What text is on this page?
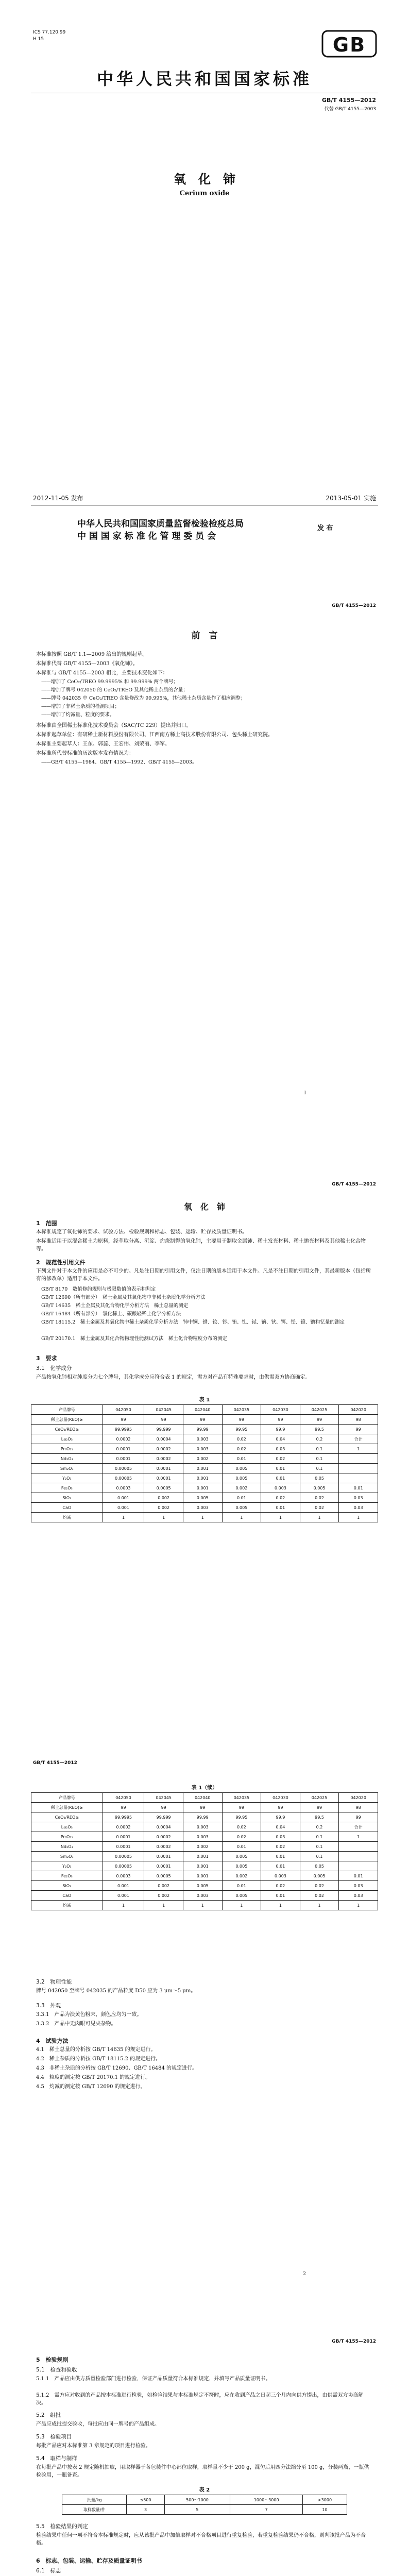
ICS 77.120.99
H 15	GB
中华人民共和国国家标准
GB/T 4155—2012
代替 GB/T 4155—2003
氧　化　铈
Cerium oxide
2012-11-05 发布	2013-05-01 实施
中华人民共和国国家质量监督检验检疫总局
中 国 国 家 标 准 化 管 理 委 员 会
发 布
GB/T 4155—2012
前　言
本标准按照 GB/T 1.1—2009 给出的规则起草。
本标准代替 GB/T 4155—2003《氧化铈》。
本标准与 GB/T 4155—2003 相比，主要技术变化如下：
——增加了 CeO₂/TREO 99.9995% 和 99.999% 两个牌号；
——增加了牌号 042050 的 CeO₂/TREO 及其他稀土杂质的含量；
——牌号 042035 中 CeO₂/TREO 含量修改为 99.995%，其他稀土杂质含量作了相应调整；
——增加了非稀土杂质的检测项目；
——增加了灼减量、粒度的要求。
本标准由全国稀土标准化技术委员会（SAC/TC 229）提出并归口。
本标准起草单位：有研稀土新材料股份有限公司、江西南方稀土高技术股份有限公司、包头稀土研究院。
本标准主要起草人：王东、郭蕊、王宏伟、刘荣丽、李军。
本标准所代替标准的历次版本发布情况为：
——GB/T 4155—1984、GB/T 4155—1992、GB/T 4155—2003。
I
GB/T 4155—2012
氧　化　铈
1　范围
本标准规定了氧化铈的要求、试验方法、检验规则和标志、包装、运输、贮存及质量证明书。
本标准适用于以混合稀土为原料，经萃取分离、沉淀、灼烧制得的氧化铈，主要用于制取金属铈、稀土发光材料、稀土抛光材料及其他稀土化合物等。
2　规范性引用文件
下列文件对于本文件的应用是必不可少的。凡是注日期的引用文件，仅注日期的版本适用于本文件。凡是不注日期的引用文件，其最新版本（包括所有的修改单）适用于本文件。
GB/T 8170　数值修约规则与极限数值的表示和判定
GB/T 12690（所有部分）　稀土金属及其氧化物中非稀土杂质化学分析方法
GB/T 14635　稀土金属及其化合物化学分析方法　稀土总量的测定
GB/T 16484（所有部分）　氯化稀土、碳酸轻稀土化学分析方法
GB/T 18115.2　稀土金属及其氧化物中稀土杂质化学分析方法　铈中镧、镨、钕、钐、铕、钆、铽、镝、钬、铒、铥、镱、镥和钇量的测定
GB/T 20170.1　稀土金属及其化合物物理性能测试方法　稀土化合物粒度分布的测定
3　要求
3.1　化学成分
产品按氧化铈相对纯度分为七个牌号，其化学成分应符合表 1 的规定，需方对产品有特殊要求时，由供需双方协商确定。
表 1
产品牌号	042050	042045	042040	042035	042030	042025	042020
稀土总量(REO)≥	99	99	99	99	99	99	98
CeO₂/REO≥	99.9995	99.999	99.99	99.95	99.9	99.5	99
La₂O₃	0.0002	0.0004	0.003	0.02	0.04	0.2	合计
Pr₆O₁₁	0.0001	0.0002	0.003	0.02	0.03	0.1	1
Nd₂O₃	0.0001	0.0002	0.002	0.01	0.02	0.1	
Sm₂O₃	0.00005	0.0001	0.001	0.005	0.01	0.1	
Y₂O₃	0.00005	0.0001	0.001	0.005	0.01	0.05	
Fe₂O₃	0.0003	0.0005	0.001	0.002	0.003	0.005	0.01
SiO₂	0.001	0.002	0.005	0.01	0.02	0.02	0.03
CaO	0.001	0.002	0.003	0.005	0.01	0.02	0.03
灼减	1	1	1	1	1	1	1
GB/T 4155—2012
表 1（续）
产品牌号	042050	042045	042040	042035	042030	042025	042020
稀土总量(REO)≥	99	99	99	99	99	99	98
CeO₂/REO≥	99.9995	99.999	99.99	99.95	99.9	99.5	99
La₂O₃	0.0002	0.0004	0.003	0.02	0.04	0.2	合计
Pr₆O₁₁	0.0001	0.0002	0.003	0.02	0.03	0.1	1
Nd₂O₃	0.0001	0.0002	0.002	0.01	0.02	0.1	
Sm₂O₃	0.00005	0.0001	0.001	0.005	0.01	0.1	
Y₂O₃	0.00005	0.0001	0.001	0.005	0.01	0.05	
Fe₂O₃	0.0003	0.0005	0.001	0.002	0.003	0.005	0.01
SiO₂	0.001	0.002	0.005	0.01	0.02	0.02	0.03
CaO	0.001	0.002	0.003	0.005	0.01	0.02	0.03
灼减	1	1	1	1	1	1	1
3.2　物理性能
牌号 042050 至牌号 042035 的产品粒度 D50 应为 3 μm～5 μm。
3.3　外观
3.3.1　产品为淡黄色粉末，颜色应均匀一致。
3.3.2　产品中无肉眼可见夹杂物。
4　试验方法
4.1　稀土总量的分析按 GB/T 14635 的规定进行。
4.2　稀土杂质的分析按 GB/T 18115.2 的规定进行。
4.3　非稀土杂质的分析按 GB/T 12690、GB/T 16484 的规定进行。
4.4　粒度的测定按 GB/T 20170.1 的规定进行。
4.5　灼减的测定按 GB/T 12690 的规定进行。
2
GB/T 4155—2012
5　检验规则
5.1　检查和验收
5.1.1　产品应由供方质量检验部门进行检验，保证产品质量符合本标准规定，并填写产品质量证明书。
5.1.2　需方应对收到的产品按本标准进行检验，如检验结果与本标准规定不符时，应在收到产品之日起三个月内向供方提出，由供需双方协商解决。
5.2　组批
产品应成批提交验收，每批应由同一牌号的产品组成。
5.3　检验项目
每批产品应对本标准第 3 章规定的项目进行检验。
5.4　取样与制样
在每批产品中按表 2 规定随机抽取，用取样器于各包装件中心部位取样，取样量不少于 200 g，混匀后用四分法缩分至 100 g，分装两瓶，一瓶供检验用，一瓶备查。
表 2
批量/kg	≤500	500～1000	1000～3000	>3000
取样数量/件	3	5	7	10
5.5　检验结果的判定
检验结果中任何一项不符合本标准规定时，应从该批产品中加倍取样对不合格项目进行重复检验，若重复检验结果仍不合格，则判该批产品为不合格。
6　标志、包装、运输、贮存及质量证明书
6.1　标志
